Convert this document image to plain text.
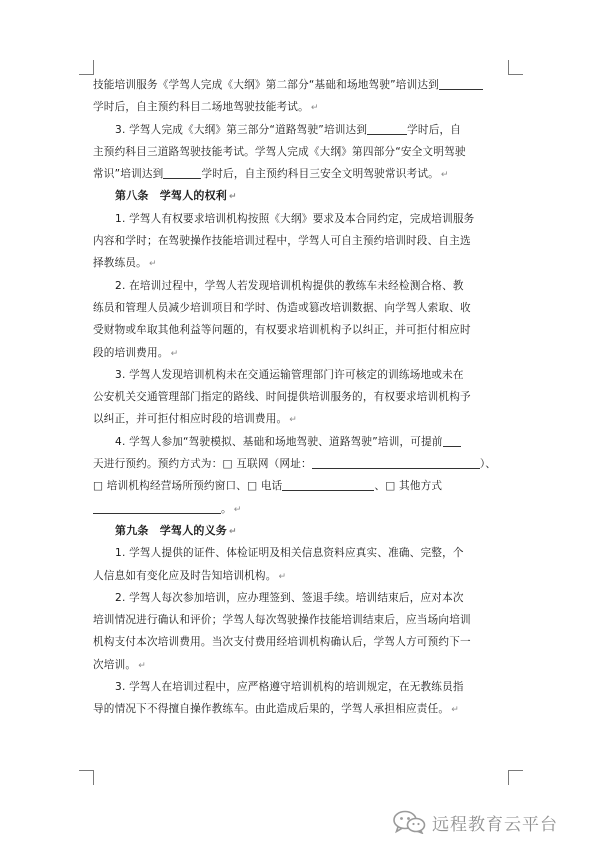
技能培训服务《学驾人完成《大纲》第二部分“基础和场地驾驶”培训达到
学时后，自主预约科目二场地驾驶技能考试。 ↵
3. 学驾人完成《大纲》第三部分“道路驾驶”培训达到	学时后，自
主预约科目三道路驾驶技能考试。学驾人完成《大纲》第四部分“安全文明驾驶
常识”培训达到	学时后，自主预约科目三安全文明驾驶常识考试。 ↵
第八条　学驾人的权利 ↵
1. 学驾人有权要求培训机构按照《大纲》要求及本合同约定，完成培训服务
内容和学时；在驾驶操作技能培训过程中，学驾人可自主预约培训时段、自主选
择教练员。 ↵
2. 在培训过程中，学驾人若发现培训机构提供的教练车未经检测合格、教
练员和管理人员减少培训项目和学时、伪造或篡改培训数据、向学驾人索取、收
受财物或牟取其他利益等问题的，有权要求培训机构予以纠正，并可拒付相应时
段的培训费用。 ↵
3. 学驾人发现培训机构未在交通运输管理部门许可核定的训练场地或未在
公安机关交通管理部门指定的路线、时间提供培训服务的，有权要求培训机构予
以纠正，并可拒付相应时段的培训费用。 ↵
4. 学驾人参加“驾驶模拟、基础和场地驾驶、道路驾驶”培训，可提前
天进行预约。预约方式为：□ 互联网（网址：	）、
□ 培训机构经营场所预约窗口、□ 电话	、□ 其他方式
。 ↵
第九条　学驾人的义务 ↵
1. 学驾人提供的证件、体检证明及相关信息资料应真实、准确、完整，个
人信息如有变化应及时告知培训机构。 ↵
2. 学驾人每次参加培训，应办理签到、签退手续。培训结束后，应对本次
培训情况进行确认和评价；学驾人每次驾驶操作技能培训结束后，应当场向培训
机构支付本次培训费用。当次支付费用经培训机构确认后，学驾人方可预约下一
次培训。 ↵
3. 学驾人在培训过程中，应严格遵守培训机构的培训规定，在无教练员指
导的情况下不得擅自操作教练车。由此造成后果的，学驾人承担相应责任。 ↵
远程教育云平台
